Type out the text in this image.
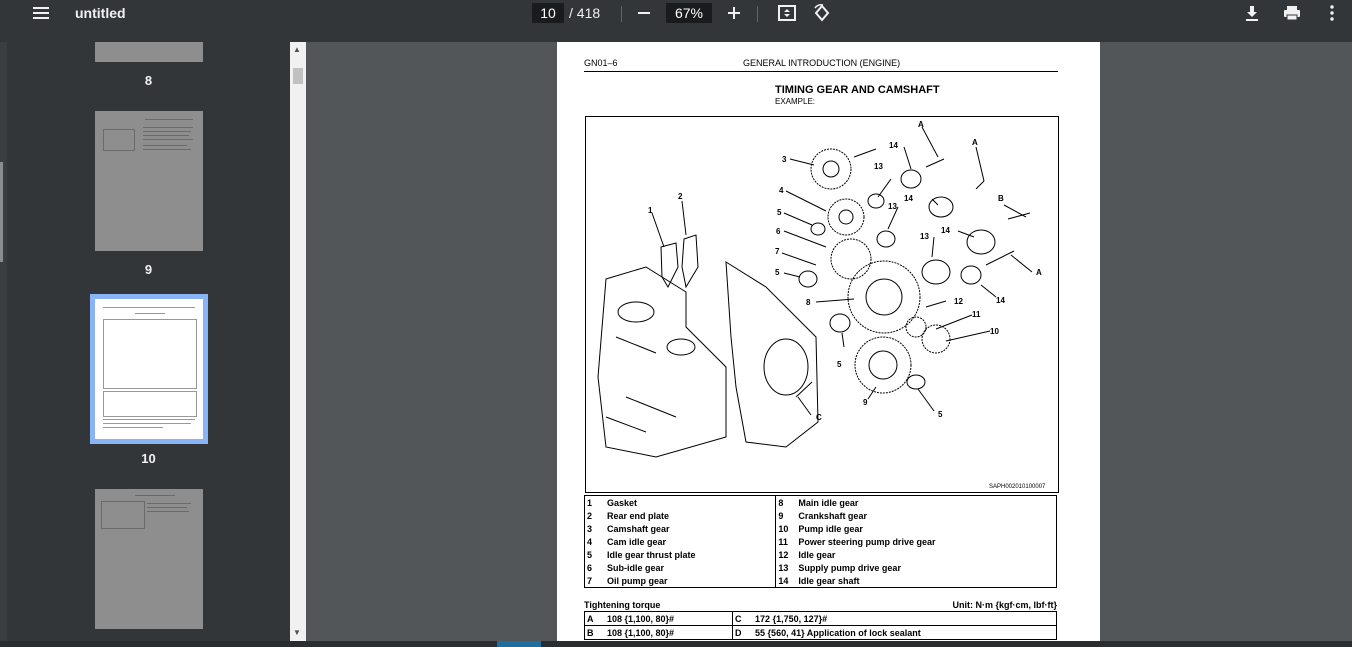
untitled	10 / 418	67%
8
9
10
▲
▼
GN01–6	GENERAL INTRODUCTION (ENGINE)
TIMING GEAR AND CAMSHAFT
EXAMPLE:
A
A
B
A
C
1
2
3
4
5
6
7
5
8
5
9
5
10
11
12
13
13
13
14
14
14
14
SAPH002010100007
1	Gasket	8	Main idle gear
2	Rear end plate	9	Crankshaft gear
3	Camshaft gear	10	Pump idle gear
4	Cam idle gear	11	Power steering pump drive gear
5	Idle gear thrust plate	12	Idle gear
6	Sub-idle gear	13	Supply pump drive gear
7	Oil pump gear	14	Idle gear shaft
Tightening torque	Unit: N·m {kgf·cm, lbf·ft}
A	108 {1,100, 80}#	C	172 {1,750, 127}#
B	108 {1,100, 80}#	D	55 {560, 41} Application of lock sealant
